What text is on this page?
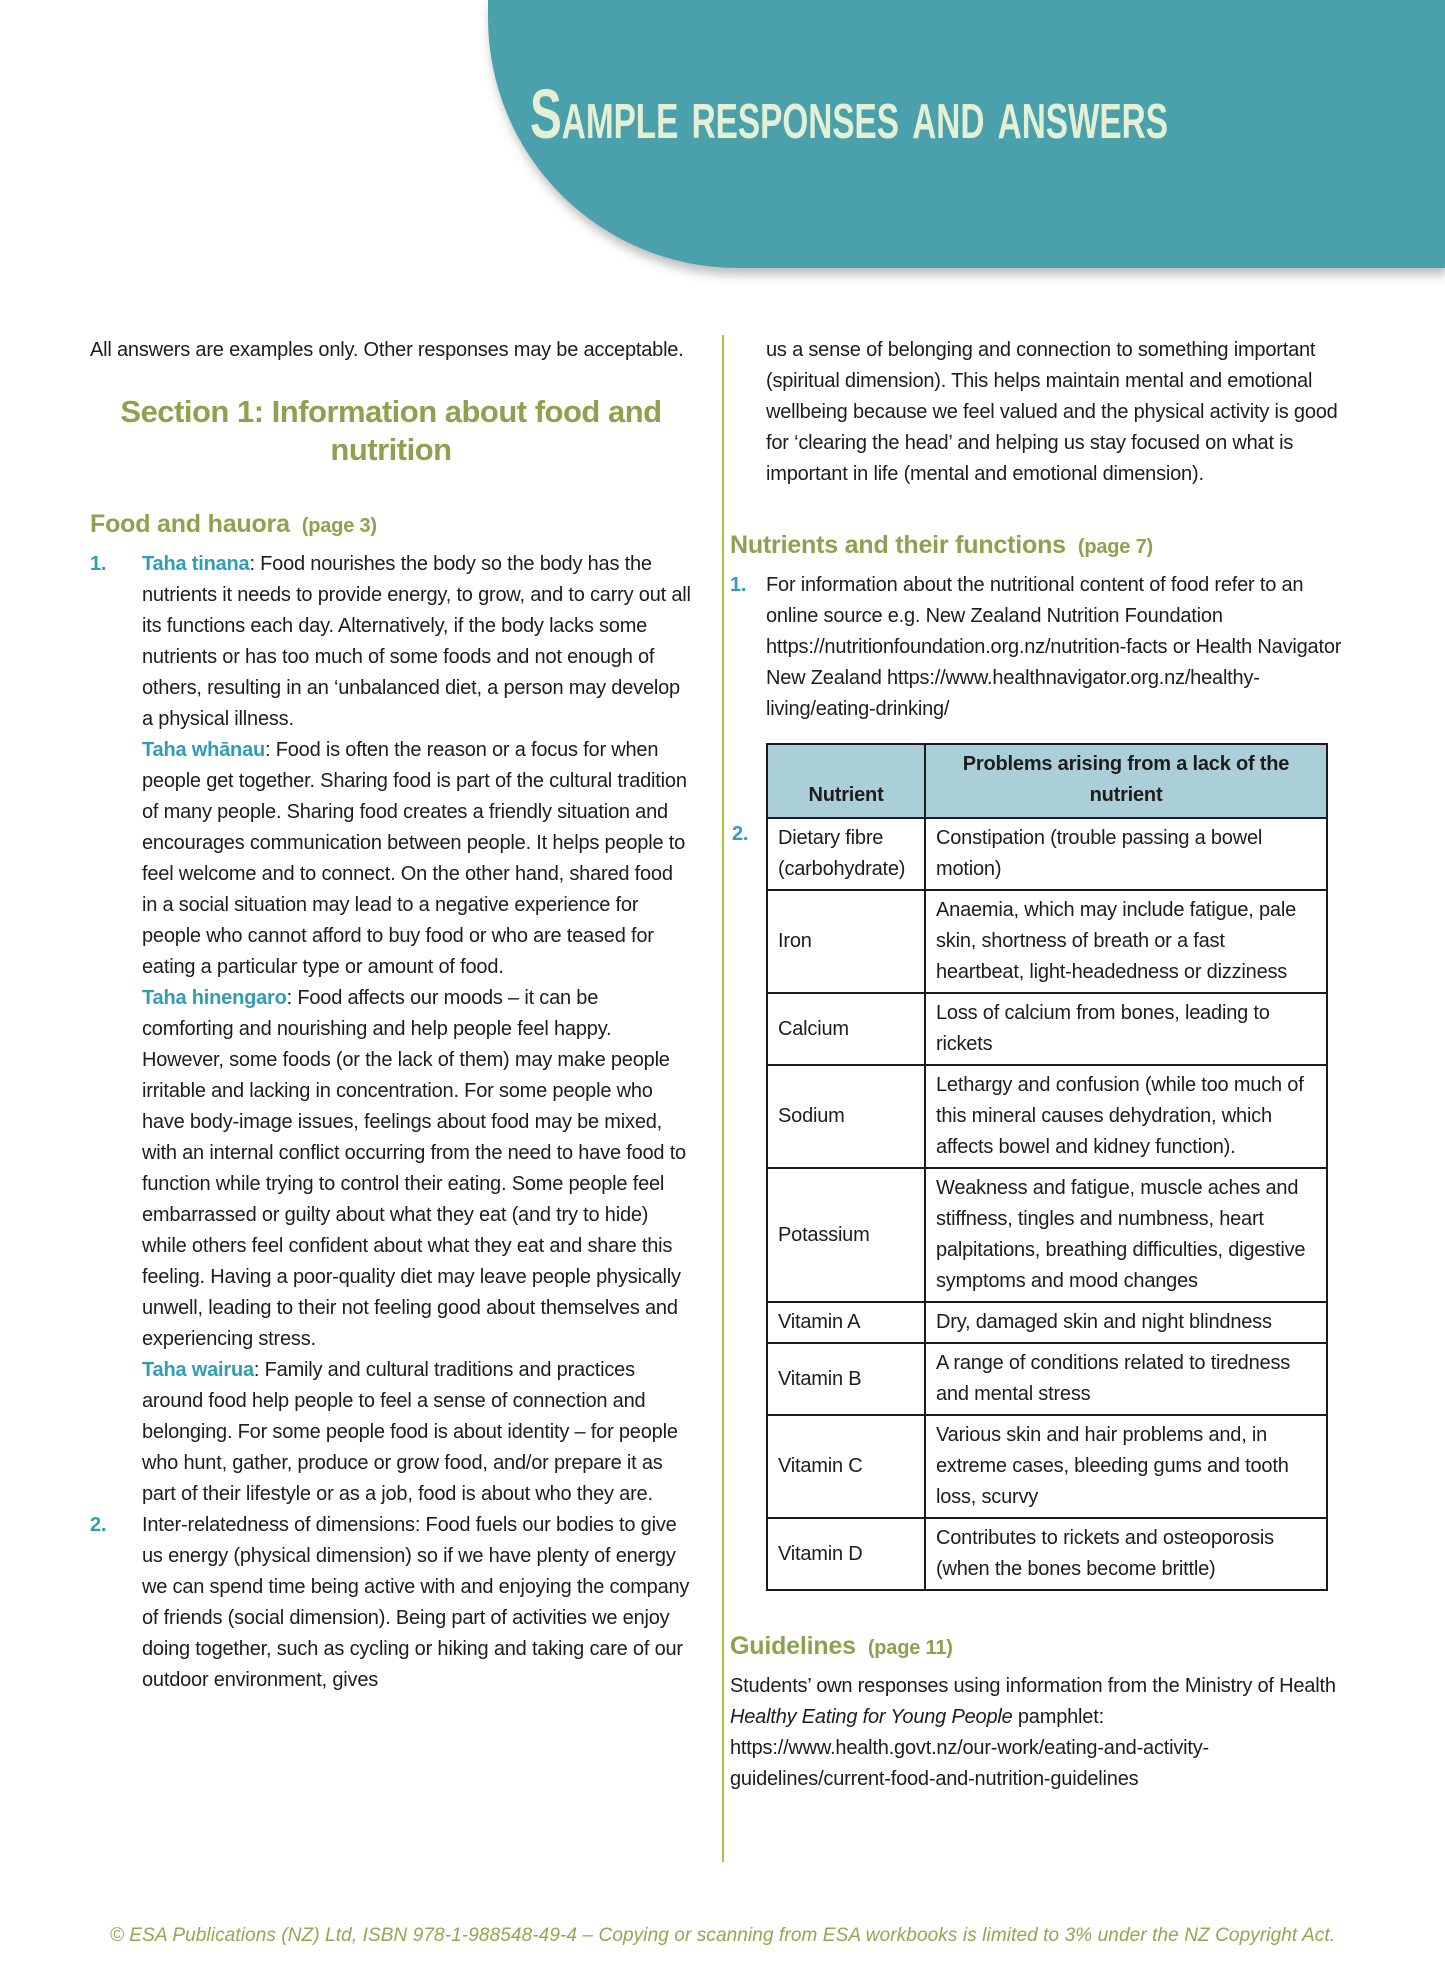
Sample responses and answers

All answers are examples only. Other responses may be acceptable.

Section 1: Information about food and nutrition
Food and hauora (page 3)
1. Taha tinana: Food nourishes the body so the body has the nutrients it needs to provide energy, to grow, and to carry out all its functions each day. Alternatively, if the body lacks some nutrients or has too much of some foods and not enough of others, resulting in an ‘unbalanced diet, a person may develop a physical illness.

Taha whānau: Food is often the reason or a focus for when people get together. Sharing food is part of the cultural tradition of many people. Sharing food creates a friendly situation and encourages communication between people. It helps people to feel welcome and to connect. On the other hand, shared food in a social situation may lead to a negative experience for people who cannot afford to buy food or who are teased for eating a particular type or amount of food.

Taha hinengaro: Food affects our moods – it can be comforting and nourishing and help people feel happy. However, some foods (or the lack of them) may make people irritable and lacking in concentration. For some people who have body-image issues, feelings about food may be mixed, with an internal conflict occurring from the need to have food to function while trying to control their eating. Some people feel embarrassed or guilty about what they eat (and try to hide) while others feel confident about what they eat and share this feeling. Having a poor-quality diet may leave people physically unwell, leading to their not feeling good about themselves and experiencing stress.

Taha wairua: Family and cultural traditions and practices around food help people to feel a sense of connection and belonging. For some people food is about identity – for people who hunt, gather, produce or grow food, and/or prepare it as part of their lifestyle or as a job, food is about who they are.

2. Inter-relatedness of dimensions: Food fuels our bodies to give us energy (physical dimension) so if we have plenty of energy we can spend time being active with and enjoying the company of friends (social dimension). Being part of activities we enjoy doing together, such as cycling or hiking and taking care of our outdoor environment, gives

us a sense of belonging and connection to something important (spiritual dimension). This helps maintain mental and emotional wellbeing because we feel valued and the physical activity is good for ‘clearing the head’ and helping us stay focused on what is important in life (mental and emotional dimension).

Nutrients and their functions (page 7)
1. For information about the nutritional content of food refer to an online source e.g. New Zealand Nutrition Foundation https://nutritionfoundation.org.nz/nutrition-facts or Health Navigator New Zealand https://www.healthnavigator.org.nz/healthy-living/eating-drinking/

2.
Nutrient	Problems arising from a lack of the nutrient
Dietary fibre (carbohydrate)	Constipation (trouble passing a bowel motion)
Iron	Anaemia, which may include fatigue, pale skin, shortness of breath or a fast heartbeat, light-headedness or dizziness
Calcium	Loss of calcium from bones, leading to rickets
Sodium	Lethargy and confusion (while too much of this mineral causes dehydration, which affects bowel and kidney function).
Potassium	Weakness and fatigue, muscle aches and stiffness, tingles and numbness, heart palpitations, breathing difficulties, digestive symptoms and mood changes
Vitamin A	Dry, damaged skin and night blindness
Vitamin B	A range of conditions related to tiredness and mental stress
Vitamin C	Various skin and hair problems and, in extreme cases, bleeding gums and tooth loss, scurvy
Vitamin D	Contributes to rickets and osteoporosis (when the bones become brittle)
Guidelines (page 11)

Students’ own responses using information from the Ministry of Health Healthy Eating for Young People pamphlet: https://www.health.govt.nz/our-work/eating-and-activity-guidelines/current-food-and-nutrition-guidelines

© ESA Publications (NZ) Ltd, ISBN 978-1-988548-49-4 – Copying or scanning from ESA workbooks is limited to 3% under the NZ Copyright Act.
